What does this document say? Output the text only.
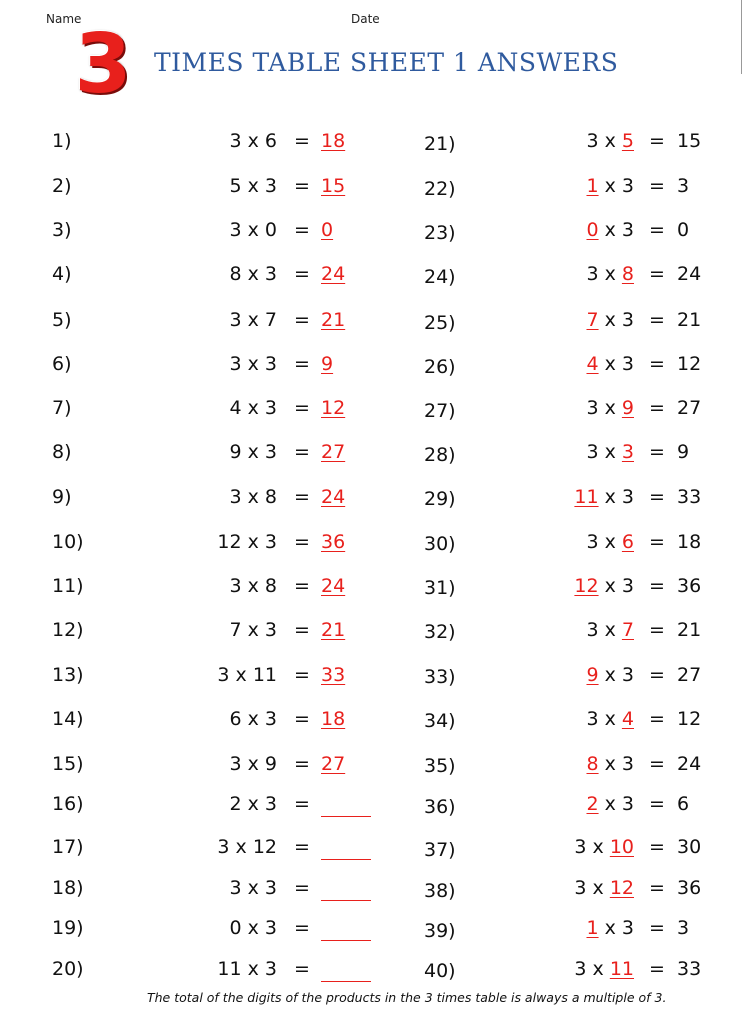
Name	Date
3 TIMES TABLE SHEET 1 ANSWERS
1)	3 x 6 = 18
2)	5 x 3 = 15
3)	3 x 0 = 0
4)	8 x 3 = 24
5)	3 x 7 = 21
6)	3 x 3 = 9
7)	4 x 3 = 12
8)	9 x 3 = 27
9)	3 x 8 = 24
10)	12 x 3 = 36
11)	3 x 8 = 24
12)	7 x 3 = 21
13)	3 x 11 = 33
14)	6 x 3 = 18
15)	3 x 9 = 27
16)	2 x 3 =
17)	3 x 12 =
18)	3 x 3 =
19)	0 x 3 =
20)	11 x 3 =
21)	3 x 5 = 15
22)	1 x 3 = 3
23)	0 x 3 = 0
24)	3 x 8 = 24
25)	7 x 3 = 21
26)	4 x 3 = 12
27)	3 x 9 = 27
28)	3 x 3 = 9
29)	11 x 3 = 33
30)	3 x 6 = 18
31)	12 x 3 = 36
32)	3 x 7 = 21
33)	9 x 3 = 27
34)	3 x 4 = 12
35)	8 x 3 = 24
36)	2 x 3 = 6
37)	3 x 10 = 30
38)	3 x 12 = 36
39)	1 x 3 = 3
40)	3 x 11 = 33
The total of the digits of the products in the 3 times table is always a multiple of 3.
